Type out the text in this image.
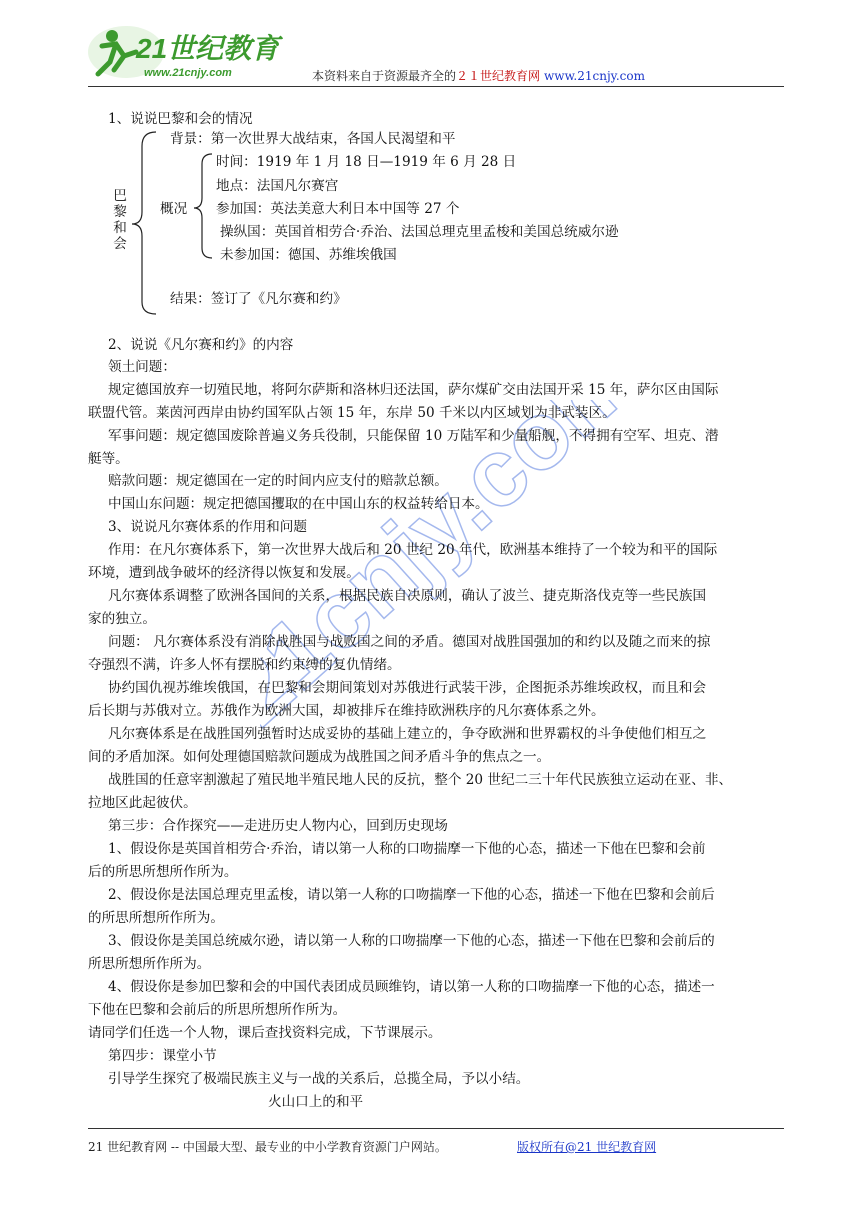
21世纪教育
www.21cnjy.com	本资料来自于资源最齐全的２１世纪教育网 www.21cnjy.com
21cnjy.com
1、说说巴黎和会的情况
巴
黎
和
会
背景：第一次世界大战结束，各国人民渴望和平
概况
时间：1919 年 1 月 18 日—1919 年 6 月 28 日
地点：法国凡尔赛宫
参加国：英法美意大利日本中国等 27 个
操纵国：英国首相劳合·乔治、法国总理克里孟梭和美国总统威尔逊
未参加国：德国、苏维埃俄国
结果：签订了《凡尔赛和约》
2、说说《凡尔赛和约》的内容
领土问题：
规定德国放弃一切殖民地，将阿尔萨斯和洛林归还法国，萨尔煤矿交由法国开采 15 年，萨尔区由国际
联盟代管。莱茵河西岸由协约国军队占领 15 年，东岸 50 千米以内区域划为非武装区。
军事问题：规定德国废除普遍义务兵役制，只能保留 10 万陆军和少量船舰，不得拥有空军、坦克、潜
艇等。
赔款问题：规定德国在一定的时间内应支付的赔款总额。
中国山东问题：规定把德国攫取的在中国山东的权益转给日本。
3、说说凡尔赛体系的作用和问题
作用：在凡尔赛体系下，第一次世界大战后和 20 世纪 20 年代，欧洲基本维持了一个较为和平的国际
环境，遭到战争破坏的经济得以恢复和发展。
凡尔赛体系调整了欧洲各国间的关系，根据民族自决原则，确认了波兰、捷克斯洛伐克等一些民族国
家的独立。
问题： 凡尔赛体系没有消除战胜国与战败国之间的矛盾。德国对战胜国强加的和约以及随之而来的掠
夺强烈不满，许多人怀有摆脱和约束缚的复仇情绪。
协约国仇视苏维埃俄国，在巴黎和会期间策划对苏俄进行武装干涉，企图扼杀苏维埃政权，而且和会
后长期与苏俄对立。苏俄作为欧洲大国，却被排斥在维持欧洲秩序的凡尔赛体系之外。
凡尔赛体系是在战胜国列强暂时达成妥协的基础上建立的，争夺欧洲和世界霸权的斗争使他们相互之
间的矛盾加深。如何处理德国赔款问题成为战胜国之间矛盾斗争的焦点之一。
战胜国的任意宰割激起了殖民地半殖民地人民的反抗，整个 20 世纪二三十年代民族独立运动在亚、非、
拉地区此起彼伏。
第三步：合作探究——走进历史人物内心，回到历史现场
1、假设你是英国首相劳合·乔治，请以第一人称的口吻揣摩一下他的心态，描述一下他在巴黎和会前
后的所思所想所作所为。
2、假设你是法国总理克里孟梭，请以第一人称的口吻揣摩一下他的心态，描述一下他在巴黎和会前后
的所思所想所作所为。
3、假设你是美国总统威尔逊，请以第一人称的口吻揣摩一下他的心态，描述一下他在巴黎和会前后的
所思所想所作所为。
4、假设你是参加巴黎和会的中国代表团成员顾维钧，请以第一人称的口吻揣摩一下他的心态，描述一
下他在巴黎和会前后的所思所想所作所为。
请同学们任选一个人物，课后查找资料完成，下节课展示。
第四步：课堂小节
引导学生探究了极端民族主义与一战的关系后，总揽全局，予以小结。
火山口上的和平
21 世纪教育网 -- 中国最大型、最专业的中小学教育资源门户网站。	版权所有@21 世纪教育网
